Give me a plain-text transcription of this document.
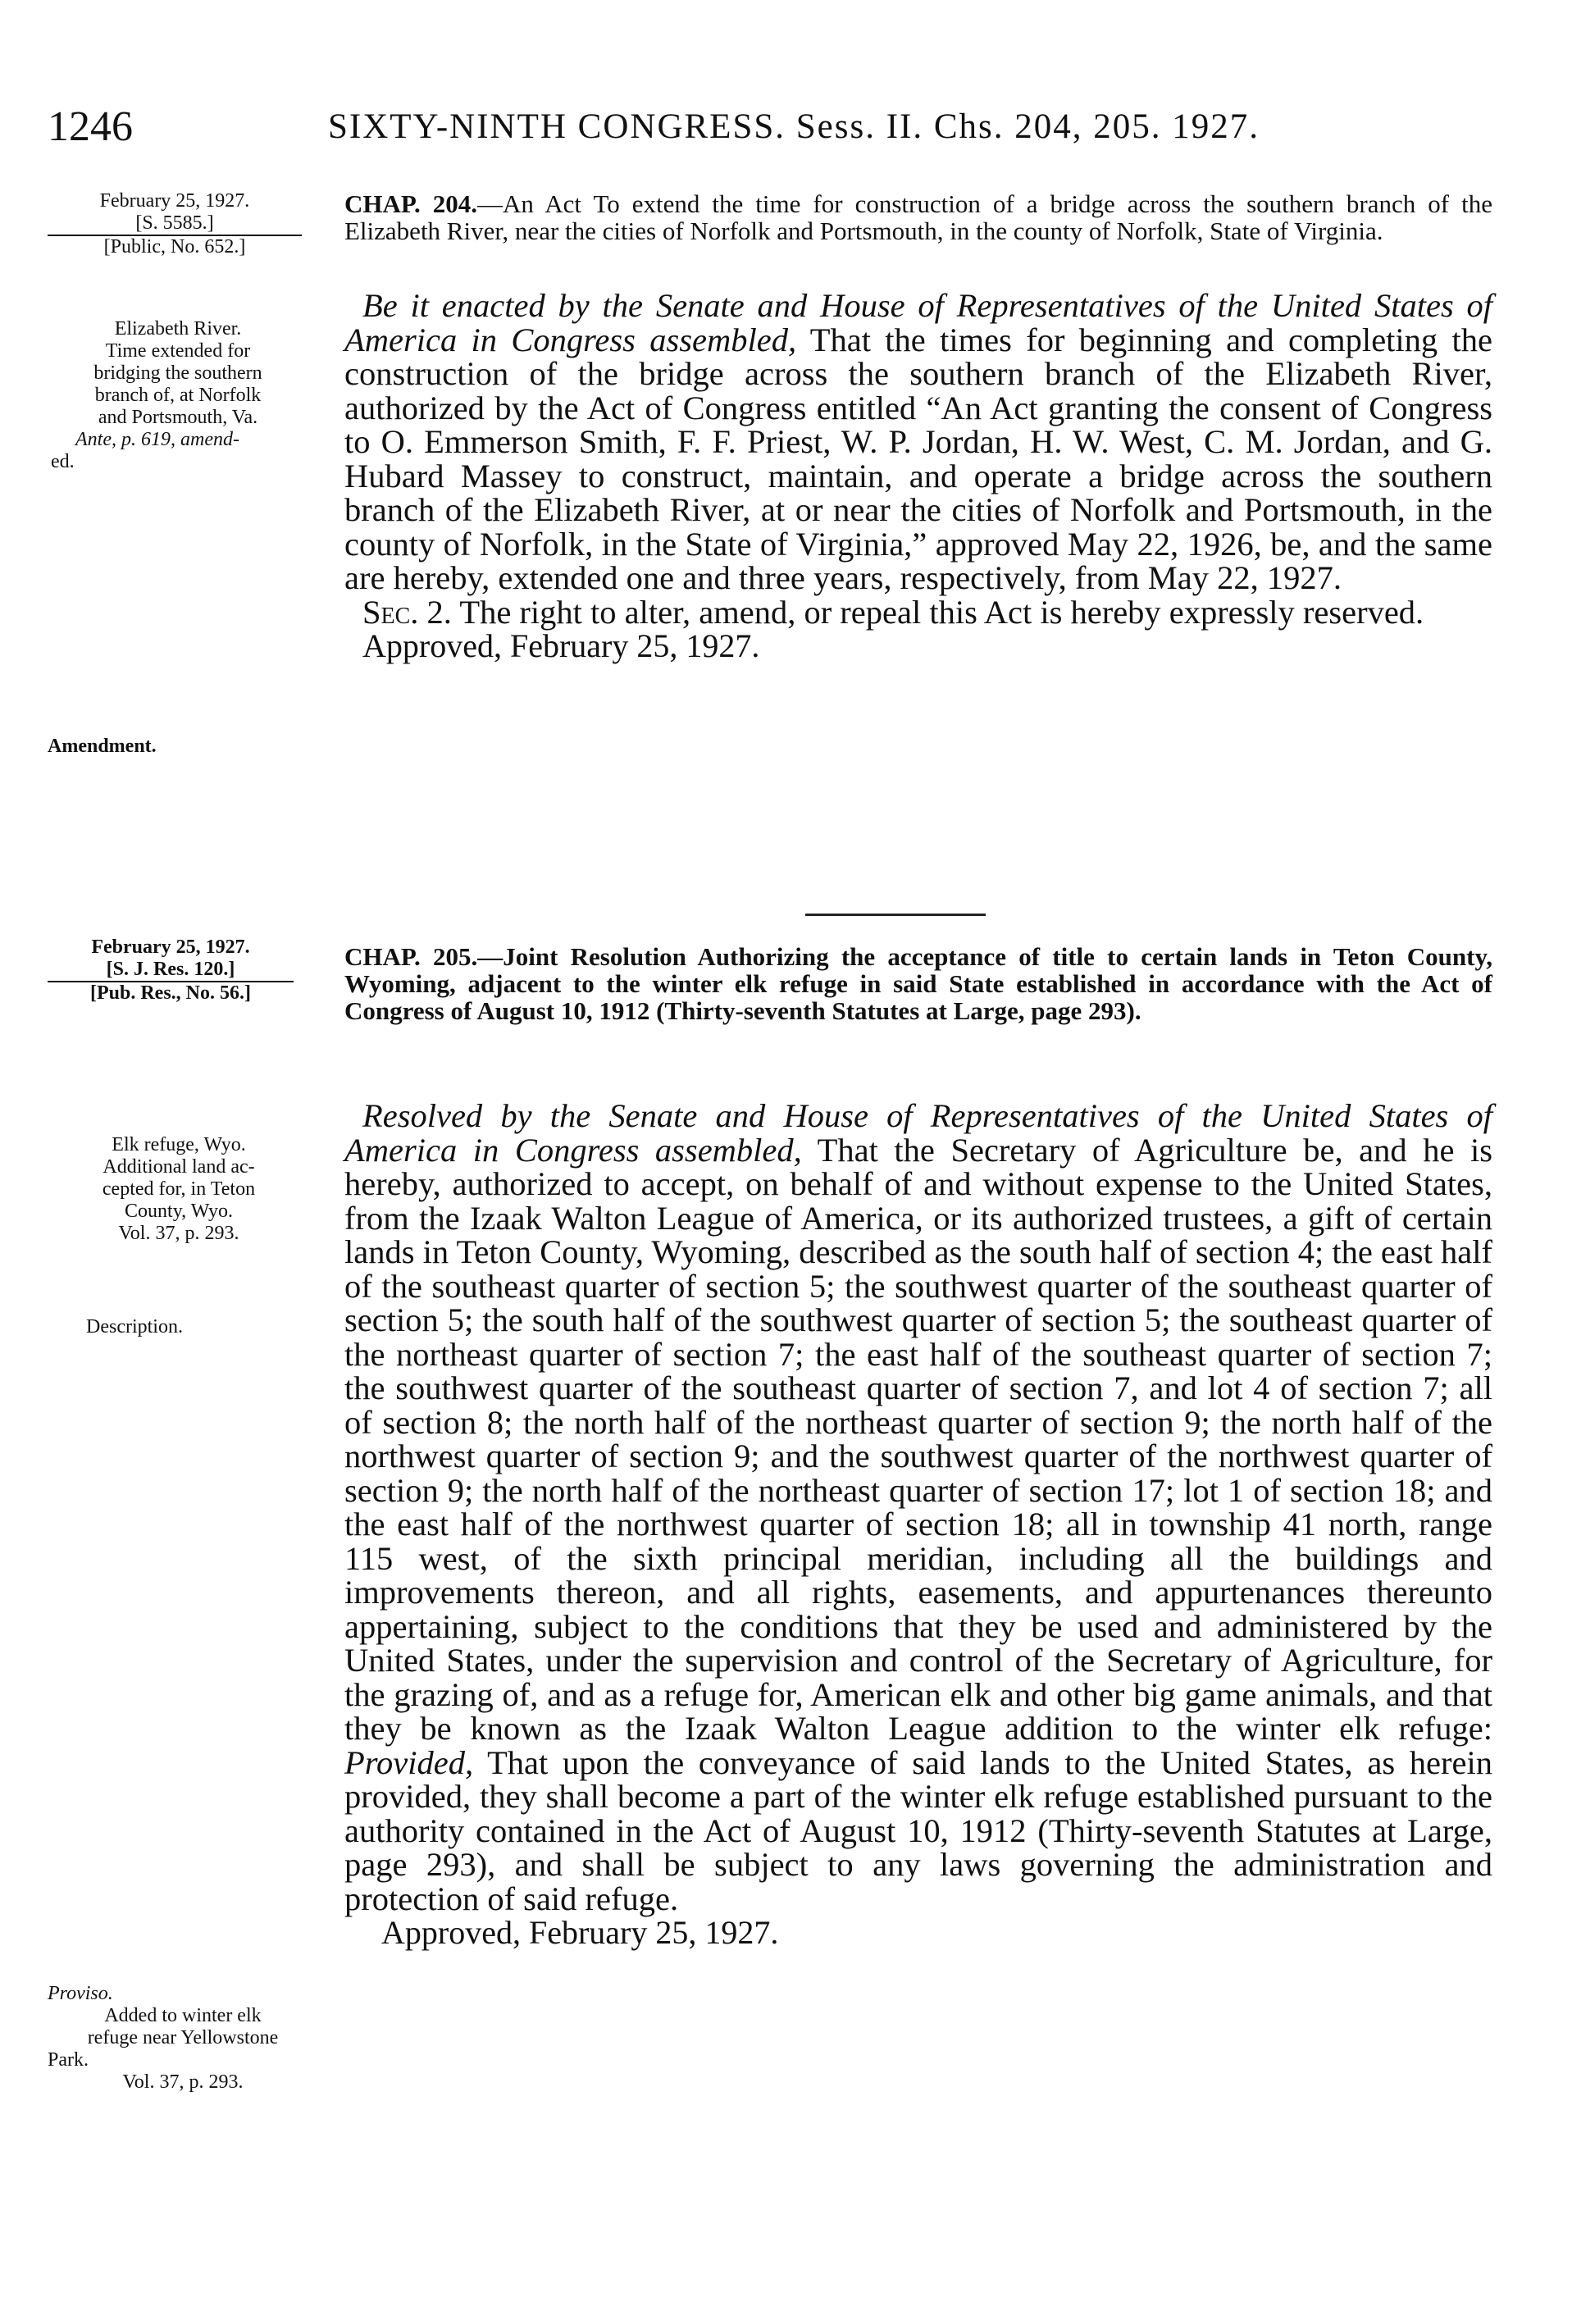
1246	SIXTY-NINTH CONGRESS. Sess. II. Chs. 204, 205. 1927.
February 25, 1927.
[S. 5585.]
[Public, No. 652.]
Elizabeth River.
Time extended for
bridging the southern
branch of, at Norfolk
and Portsmouth, Va.
Ante, p. 619, amend-
ed.
Amendment.
CHAP. 204.—An Act To extend the time for construction of a bridge across the southern branch of the Elizabeth River, near the cities of Norfolk and Portsmouth, in the county of Norfolk, State of Virginia.

Be it enacted by the Senate and House of Representatives of the United States of America in Congress assembled, That the times for beginning and completing the construction of the bridge across the southern branch of the Elizabeth River, authorized by the Act of Congress entitled “An Act granting the consent of Congress to O. Emmerson Smith, F. F. Priest, W. P. Jordan, H. W. West, C. M. Jordan, and G. Hubard Massey to construct, maintain, and operate a bridge across the southern branch of the Elizabeth River, at or near the cities of Norfolk and Portsmouth, in the county of Norfolk, in the State of Virginia,” approved May 22, 1926, be, and the same are hereby, extended one and three years, respectively, from May 22, 1927.

Sec. 2. The right to alter, amend, or repeal this Act is hereby expressly reserved.

Approved, February 25, 1927.

February 25, 1927.
[S. J. Res. 120.]
[Pub. Res., No. 56.]
Elk refuge, Wyo.
Additional land ac-
cepted for, in Teton
County, Wyo.
Vol. 37, p. 293.
Description.
Proviso.
Added to winter elk
refuge near Yellowstone
Park.
Vol. 37, p. 293.
CHAP. 205.—Joint Resolution Authorizing the acceptance of title to certain lands in Teton County, Wyoming, adjacent to the winter elk refuge in said State established in accordance with the Act of Congress of August 10, 1912 (Thirty-seventh Statutes at Large, page 293).

Resolved by the Senate and House of Representatives of the United States of America in Congress assembled, That the Secretary of Agriculture be, and he is hereby, authorized to accept, on behalf of and without expense to the United States, from the Izaak Walton League of America, or its authorized trustees, a gift of certain lands in Teton County, Wyoming, described as the south half of section 4; the east half of the southeast quarter of section 5; the southwest quarter of the southeast quarter of section 5; the south half of the southwest quarter of section 5; the southeast quarter of the northeast quarter of section 7; the east half of the southeast quarter of section 7; the southwest quarter of the southeast quarter of section 7, and lot 4 of section 7; all of section 8; the north half of the northeast quarter of section 9; the north half of the northwest quarter of section 9; and the southwest quarter of the northwest quarter of section 9; the north half of the northeast quarter of section 17; lot 1 of section 18; and the east half of the northwest quarter of section 18; all in township 41 north, range 115 west, of the sixth principal meridian, including all the buildings and improvements thereon, and all rights, easements, and appurtenances thereunto appertaining, subject to the conditions that they be used and administered by the United States, under the supervision and control of the Secretary of Agriculture, for the grazing of, and as a refuge for, American elk and other big game animals, and that they be known as the Izaak Walton League addition to the winter elk refuge: Provided, That upon the conveyance of said lands to the United States, as herein provided, they shall become a part of the winter elk refuge established pursuant to the authority contained in the Act of August 10, 1912 (Thirty-seventh Statutes at Large, page 293), and shall be subject to any laws governing the administration and protection of said refuge.

Approved, February 25, 1927.
